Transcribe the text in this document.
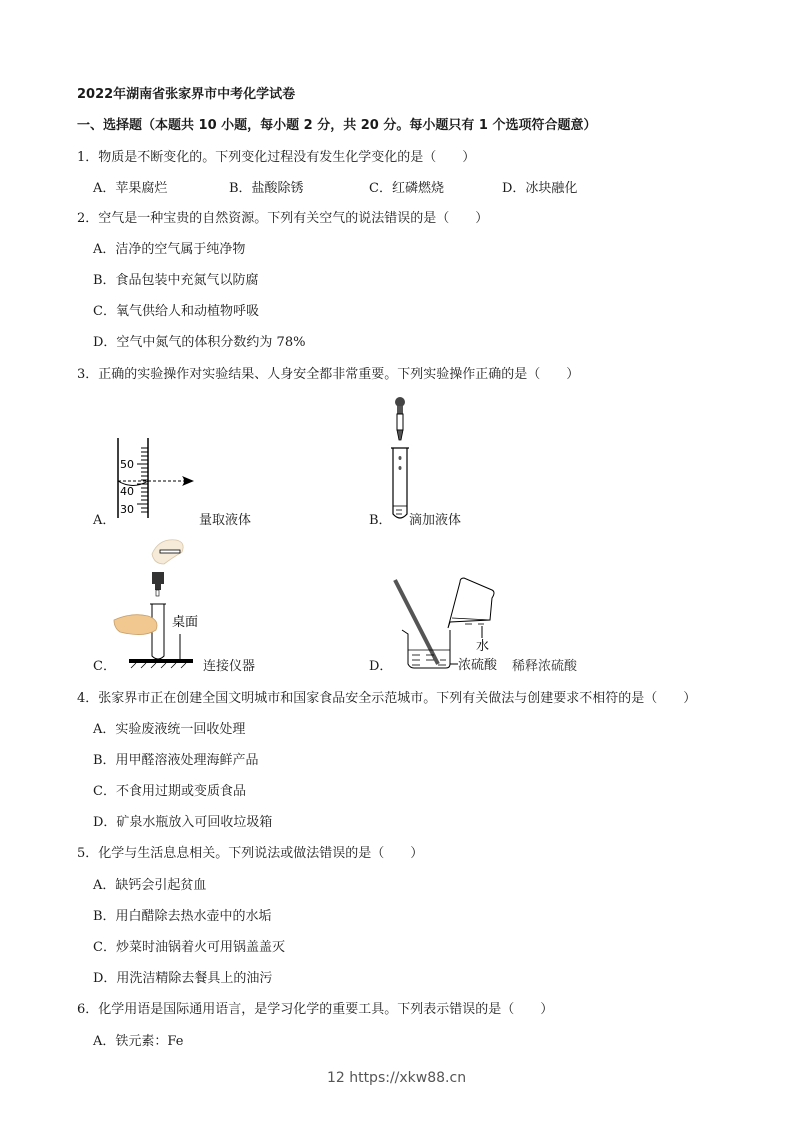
2022年湖南省张家界市中考化学试卷
一、选择题（本题共 10 小题，每小题 2 分，共 20 分。每小题只有 1 个选项符合题意）
1．物质是不断变化的。下列变化过程没有发生化学变化的是（　　）
A．苹果腐烂	B．盐酸除锈	C．红磷燃烧	D．冰块融化
2．空气是一种宝贵的自然资源。下列有关空气的说法错误的是（　　）
A．洁净的空气属于纯净物
B．食品包装中充氮气以防腐
C．氧气供给人和动植物呼吸
D．空气中氮气的体积分数约为 78%
3．正确的实验操作对实验结果、人身安全都非常重要。下列实验操作正确的是（　　）
A．
50
40
30
量取液体	B． 滴加液体
C．
桌面
连接仪器	D．
水
浓硫酸 稀释浓硫酸
4．张家界市正在创建全国文明城市和国家食品安全示范城市。下列有关做法与创建要求不相符的是（　　）
A．实验废液统一回收处理
B．用甲醛溶液处理海鲜产品
C．不食用过期或变质食品
D．矿泉水瓶放入可回收垃圾箱
5．化学与生活息息相关。下列说法或做法错误的是（　　）
A．缺钙会引起贫血
B．用白醋除去热水壶中的水垢
C．炒菜时油锅着火可用锅盖盖灭
D．用洗洁精除去餐具上的油污
6．化学用语是国际通用语言，是学习化学的重要工具。下列表示错误的是（　　）
A．铁元素：Fe
12 https://xkw88.cn
